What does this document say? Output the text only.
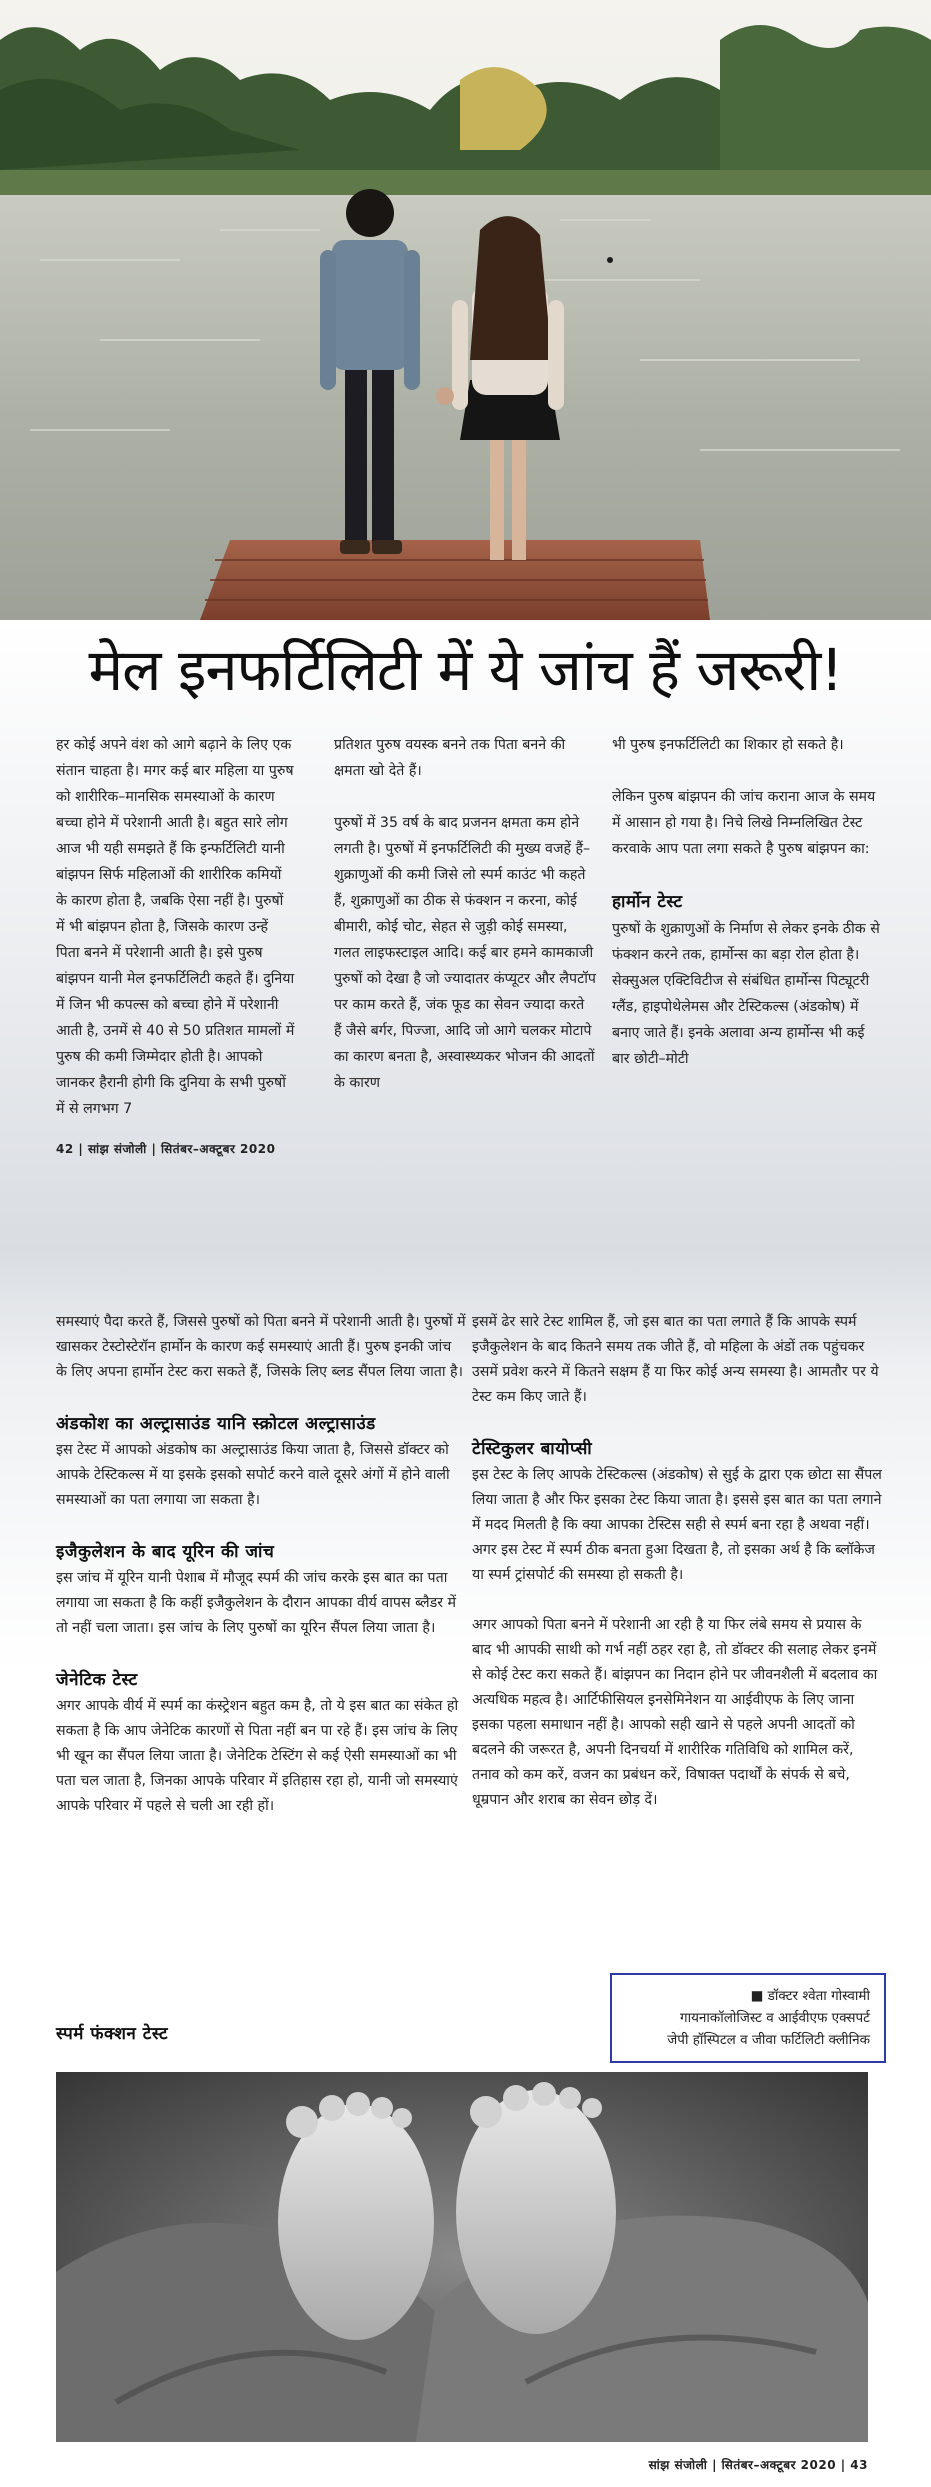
मेल इनफर्टिलिटी में ये जांच हैं जरूरी!

हर कोई अपने वंश को आगे बढ़ाने के लिए एक संतान चाहता है। मगर कई बार महिला या पुरुष को शारीरिक–मानसिक समस्याओं के कारण बच्चा होने में परेशानी आती है। बहुत सारे लोग आज भी यही समझते हैं कि इन्फर्टिलिटी यानी बांझपन सिर्फ महिलाओं की शारीरिक कमियों के कारण होता है, जबकि ऐसा नहीं है। पुरुषों में भी बांझपन होता है, जिसके कारण उन्हें पिता बनने में परेशानी आती है। इसे पुरुष बांझपन यानी मेल इनफर्टिलिटी कहते हैं। दुनिया में जिन भी कपल्स को बच्चा होने में परेशानी आती है, उनमें से 40 से 50 प्रतिशत मामलों में पुरुष की कमी जिम्मेदार होती है। आपको जानकर हैरानी होगी कि दुनिया के सभी पुरुषों में से लगभग 7

प्रतिशत पुरुष वयस्क बनने तक पिता बनने की क्षमता खो देते हैं।

पुरुषों में 35 वर्ष के बाद प्रजनन क्षमता कम होने लगती है। पुरुषों में इनफर्टिलिटी की मुख्य वजहें हैं– शुक्राणुओं की कमी जिसे लो स्पर्म काउंट भी कहते हैं, शुक्राणुओं का ठीक से फंक्शन न करना, कोई बीमारी, कोई चोट, सेहत से जुड़ी कोई समस्या, गलत लाइफस्टाइल आदि। कई बार हमने कामकाजी पुरुषों को देखा है जो ज्यादातर कंप्यूटर और लैपटॉप पर काम करते हैं, जंक फूड का सेवन ज्यादा करते हैं जैसे बर्गर, पिज्जा, आदि जो आगे चलकर मोटापे का कारण बनता है, अस्वास्थ्यकर भोजन की आदतों के कारण

भी पुरुष इनफर्टिलिटी का शिकार हो सकते है।

लेकिन पुरुष बांझपन की जांच कराना आज के समय में आसान हो गया है। निचे लिखे निम्नलिखित टेस्ट करवाके आप पता लगा सकते है पुरुष बांझपन का:

हार्मोन टेस्ट

पुरुषों के शुक्राणुओं के निर्माण से लेकर इनके ठीक से फंक्शन करने तक, हार्मोन्स का बड़ा रोल होता है। सेक्सुअल एक्टिविटीज से संबंधित हार्मोन्स पिट्यूटरी ग्लैंड, हाइपोथेलेमस और टेस्टिकल्स (अंडकोष) में बनाए जाते हैं। इनके अलावा अन्य हार्मोन्स भी कई बार छोटी–मोटी

42 | सांझ संजोली | सितंबर–अक्टूबर 2020
समस्याएं पैदा करते हैं, जिससे पुरुषों को पिता बनने में परेशानी आती है। पुरुषों में खासकर टेस्टोस्टेरॉन हार्मोन के कारण कई समस्याएं आती हैं। पुरुष इनकी जांच के लिए अपना हार्मोन टेस्ट करा सकते हैं, जिसके लिए ब्लड सैंपल लिया जाता है।
अंडकोश का अल्ट्रासाउंड यानि स्क्रोटल अल्ट्रासाउंड
इस टेस्ट में आपको अंडकोष का अल्ट्रासाउंड किया जाता है, जिससे डॉक्टर को आपके टेस्टिकल्स में या इसके इसको सपोर्ट करने वाले दूसरे अंगों में होने वाली समस्याओं का पता लगाया जा सकता है।
इजैकुलेशन के बाद यूरिन की जांच
इस जांच में यूरिन यानी पेशाब में मौजूद स्पर्म की जांच करके इस बात का पता लगाया जा सकता है कि कहीं इजैकुलेशन के दौरान आपका वीर्य वापस ब्लैडर में तो नहीं चला जाता। इस जांच के लिए पुरुषों का यूरिन सैंपल लिया जाता है।
जेनेटिक टेस्ट
अगर आपके वीर्य में स्पर्म का कंस्ट्रेशन बहुत कम है, तो ये इस बात का संकेत हो सकता है कि आप जेनेटिक कारणों से पिता नहीं बन पा रहे हैं। इस जांच के लिए भी खून का सैंपल लिया जाता है। जेनेटिक टेस्टिंग से कई ऐसी समस्याओं का भी पता चल जाता है, जिनका आपके परिवार में इतिहास रहा हो, यानी जो समस्याएं आपके परिवार में पहले से चली आ रही हों।
इसमें ढेर सारे टेस्ट शामिल हैं, जो इस बात का पता लगाते हैं कि आपके स्पर्म इजैकुलेशन के बाद कितने समय तक जीते हैं, वो महिला के अंडों तक पहुंचकर उसमें प्रवेश करने में कितने सक्षम हैं या फिर कोई अन्य समस्या है। आमतौर पर ये टेस्ट कम किए जाते हैं।
टेस्टिकुलर बायोप्सी
इस टेस्ट के लिए आपके टेस्टिकल्स (अंडकोष) से सुई के द्वारा एक छोटा सा सैंपल लिया जाता है और फिर इसका टेस्ट किया जाता है। इससे इस बात का पता लगाने में मदद मिलती है कि क्या आपका टेस्टिस सही से स्पर्म बना रहा है अथवा नहीं। अगर इस टेस्ट में स्पर्म ठीक बनता हुआ दिखता है, तो इसका अर्थ है कि ब्लॉकेज या स्पर्म ट्रांसपोर्ट की समस्या हो सकती है।
अगर आपको पिता बनने में परेशानी आ रही है या फिर लंबे समय से प्रयास के बाद भी आपकी साथी को गर्भ नहीं ठहर रहा है, तो डॉक्टर की सलाह लेकर इनमें से कोई टेस्ट करा सकते हैं। बांझपन का निदान होने पर जीवनशैली में बदलाव का अत्यधिक महत्व है। आर्टिफीसियल इनसेमिनेशन या आईवीएफ के लिए जाना इसका पहला समाधान नहीं है। आपको सही खाने से पहले अपनी आदतों को बदलने की जरूरत है, अपनी दिनचर्या में शारीरिक गतिविधि को शामिल करें, तनाव को कम करें, वजन का प्रबंधन करें, विषाक्त पदार्थों के संपर्क से बचे, धूम्रपान और शराब का सेवन छोड़ दें।
■ डॉक्टर श्वेता गोस्वामी
गायनाकॉलोजिस्ट व आईवीएफ एक्सपर्ट
जेपी हॉस्पिटल व जीवा फर्टिलिटी क्लीनिक
स्पर्म फंक्शन टेस्ट
सांझ संजोली | सितंबर–अक्टूबर 2020 | 43
